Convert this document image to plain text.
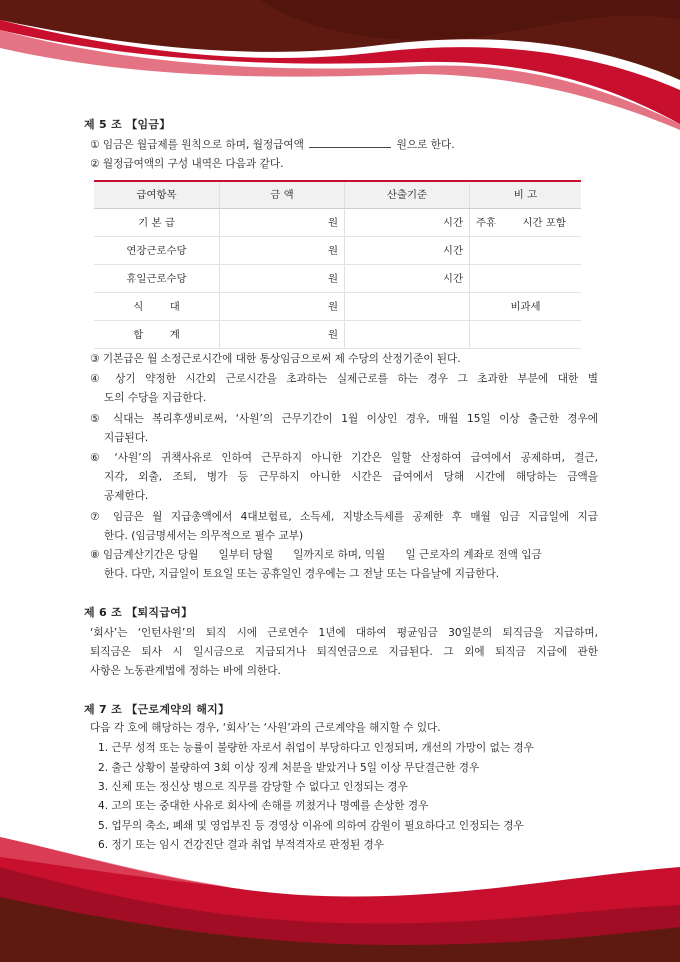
제 5 조 【임금】
① 임금은 월급제를 원칙으로 하며, 월정급여액	원으로 한다.
② 월정급여액의 구성 내역은 다음과 같다.
급여항목	금 액	산출기준	비 고
기 본 급	원	시간	주휴        시간 포함
연장근로수당	원	시간	
휴일근로수당	원	시간	
식        대	원		비과세
합        계	원		
③ 기본급은 월 소정근로시간에 대한 통상임금으로써 제 수당의 산정기준이 된다.
④ 상기 약정한 시간외 근로시간을 초과하는 실제근로를 하는 경우 그 초과한 부분에 대한 별
도의 수당을 지급한다.
⑤ 식대는 복리후생비로써, ‘사원’의 근무기간이 1월 이상인 경우, 매월 15일 이상 출근한 경우에
지급된다.
⑥ ‘사원’의 귀책사유로 인하여 근무하지 아니한 기간은 일할 산정하여 급여에서 공제하며, 결근,
지각, 외출, 조퇴, 병가 등 근무하지 아니한 시간은 급여에서 당해 시간에 해당하는 금액을
공제한다.
⑦ 임금은 월 지급총액에서 4대보험료, 소득세, 지방소득세를 공제한 후 매월 임금 지급일에 지급
한다. (임금명세서는 의무적으로 필수 교부)
⑧ 임금계산기간은 당월      일부터 당월      일까지로 하며, 익월      일 근로자의 계좌로 전액 입금
한다. 다만, 지급일이 토요일 또는 공휴일인 경우에는 그 전날 또는 다음날에 지급한다.
제 6 조 【퇴직급여】
‘회사’는 ‘인턴사원’의 퇴직 시에 근로연수 1년에 대하여 평균임금 30일분의 퇴직금을 지급하며,
퇴직금은 퇴사 시 일시금으로 지급되거나 퇴직연금으로 지급된다. 그 외에 퇴직금 지급에 관한
사항은 노동관계법에 정하는 바에 의한다.
제 7 조 【근로계약의 해지】
다음 각 호에 해당하는 경우, ‘회사’는 ‘사원’과의 근로계약을 해지할 수 있다.
1. 근무 성적 또는 능률이 불량한 자로서 취업이 부당하다고 인정되며, 개선의 가망이 없는 경우
2. 출근 상황이 불량하여 3회 이상 징계 처분을 받았거나 5일 이상 무단결근한 경우
3. 신체 또는 정신상 병으로 직무를 감당할 수 없다고 인정되는 경우
4. 고의 또는 중대한 사유로 회사에 손해를 끼쳤거나 명예를 손상한 경우
5. 업무의 축소, 폐쇄 및 영업부진 등 경영상 이유에 의하여 감원이 필요하다고 인정되는 경우
6. 정기 또는 임시 건강진단 결과 취업 부적격자로 판정된 경우
